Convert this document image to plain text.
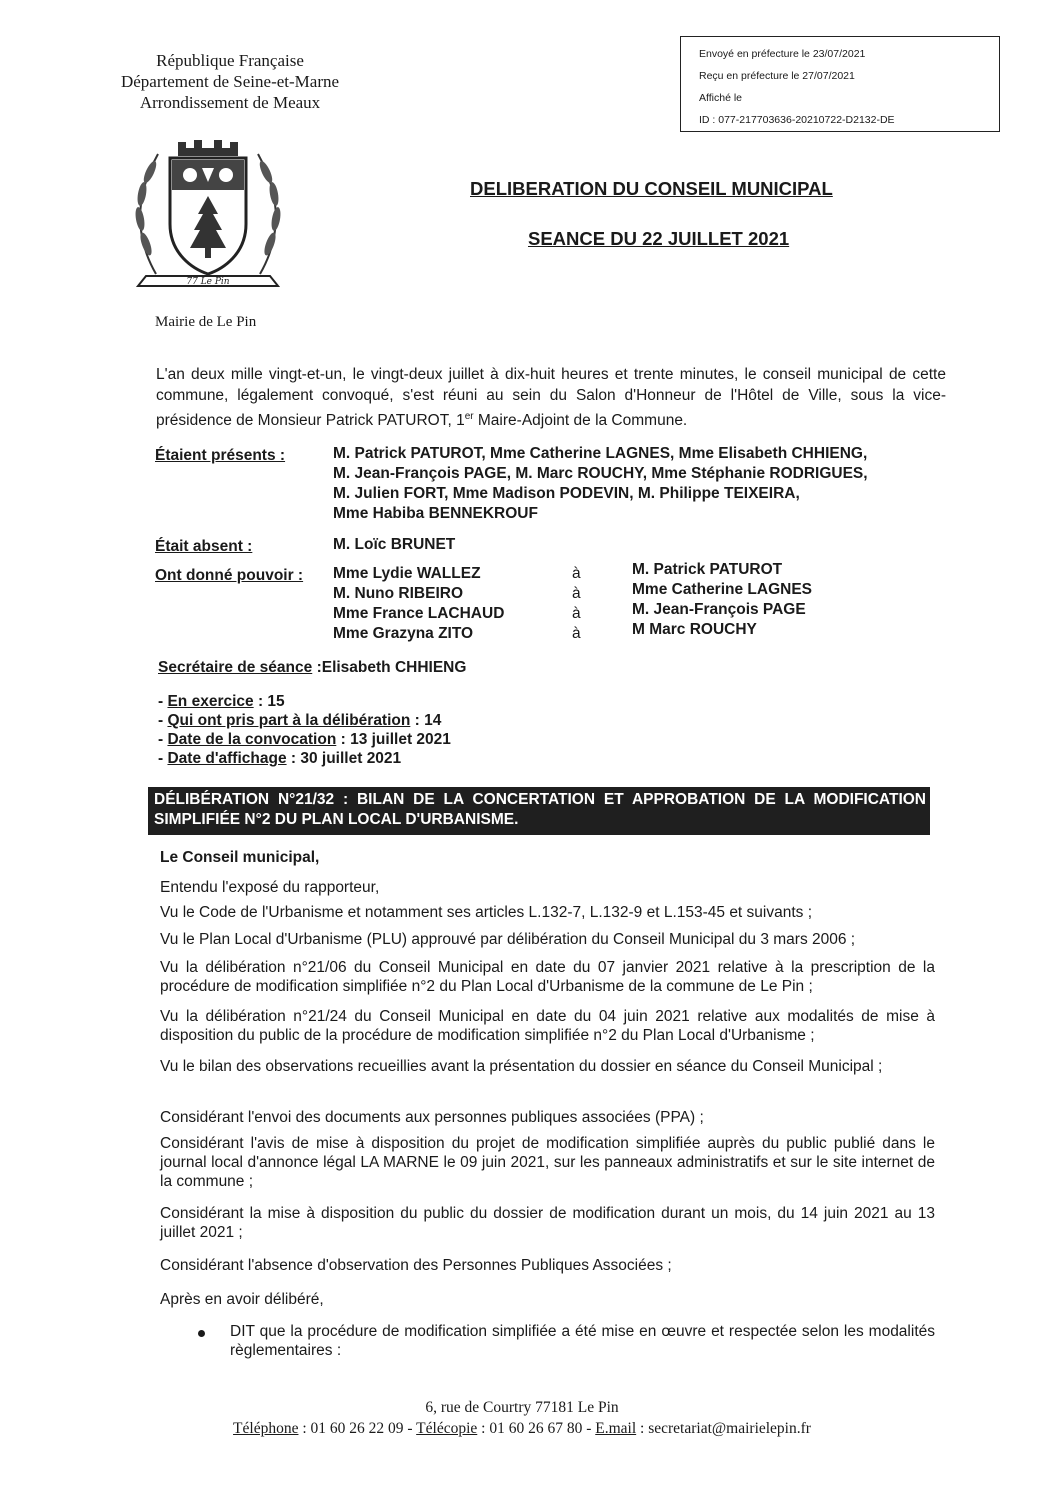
République Française
Département de Seine-et-Marne
Arrondissement de Meaux
77 Le Pin
Mairie de Le Pin
Envoyé en préfecture le 23/07/2021
Reçu en préfecture le 27/07/2021
Affiché le
ID : 077-217703636-20210722-D2132-DE
DELIBERATION DU CONSEIL MUNICIPAL
SEANCE DU 22 JUILLET 2021
L'an deux mille vingt-et-un, le vingt-deux juillet à dix-huit heures et trente minutes, le conseil municipal de cette commune, légalement convoqué, s'est réuni au sein du Salon d'Honneur de l'Hôtel de Ville, sous la vice-présidence de Monsieur Patrick PATUROT, 1er Maire-Adjoint de la Commune.
Étaient présents :	M. Patrick PATUROT, Mme Catherine LAGNES, Mme Elisabeth CHHIENG,
M. Jean-François PAGE, M. Marc ROUCHY, Mme Stéphanie RODRIGUES,
M. Julien FORT, Mme Madison PODEVIN, M. Philippe TEIXEIRA,
Mme Habiba BENNEKROUF
Était absent :	M. Loïc BRUNET
Ont donné pouvoir : Mme Lydie WALLEZ
M. Nuno RIBEIRO
Mme France LACHAUD
Mme Grazyna ZITO
à
à
à
à
M. Patrick PATUROT
Mme Catherine LAGNES
M. Jean-François PAGE
M Marc ROUCHY
Secrétaire de séance :Elisabeth CHHIENG
- En exercice : 15
- Qui ont pris part à la délibération : 14
- Date de la convocation : 13 juillet 2021
- Date d'affichage : 30 juillet 2021
DÉLIBÉRATION N°21/32 : BILAN DE LA CONCERTATION ET APPROBATION DE LA MODIFICATION SIMPLIFIÉE N°2 DU PLAN LOCAL D'URBANISME.
Le Conseil municipal,
Entendu l'exposé du rapporteur,
Vu le Code de l'Urbanisme et notamment ses articles L.132-7, L.132-9 et L.153-45 et suivants ;
Vu le Plan Local d'Urbanisme (PLU) approuvé par délibération du Conseil Municipal du 3 mars 2006 ;
Vu la délibération n°21/06 du Conseil Municipal en date du 07 janvier 2021 relative à la prescription de la procédure de modification simplifiée n°2 du Plan Local d'Urbanisme de la commune de Le Pin ;
Vu la délibération n°21/24 du Conseil Municipal en date du 04 juin 2021 relative aux modalités de mise à disposition du public de la procédure de modification simplifiée n°2 du Plan Local d'Urbanisme ;
Vu le bilan des observations recueillies avant la présentation du dossier en séance du Conseil Municipal ;
Considérant l'envoi des documents aux personnes publiques associées (PPA) ;
Considérant l'avis de mise à disposition du projet de modification simplifiée auprès du public publié dans le journal local d'annonce légal LA MARNE le 09 juin 2021, sur les panneaux administratifs et sur le site internet de la commune ;
Considérant la mise à disposition du public du dossier de modification durant un mois, du 14 juin 2021 au 13 juillet 2021 ;
Considérant l'absence d'observation des Personnes Publiques Associées ;
Après en avoir délibéré,
DIT que la procédure de modification simplifiée a été mise en œuvre et respectée selon les modalités règlementaires :
6, rue de Courtry 77181 Le Pin
Téléphone : 01 60 26 22 09 - Télécopie : 01 60 26 67 80 - E.mail : secretariat@mairielepin.fr
